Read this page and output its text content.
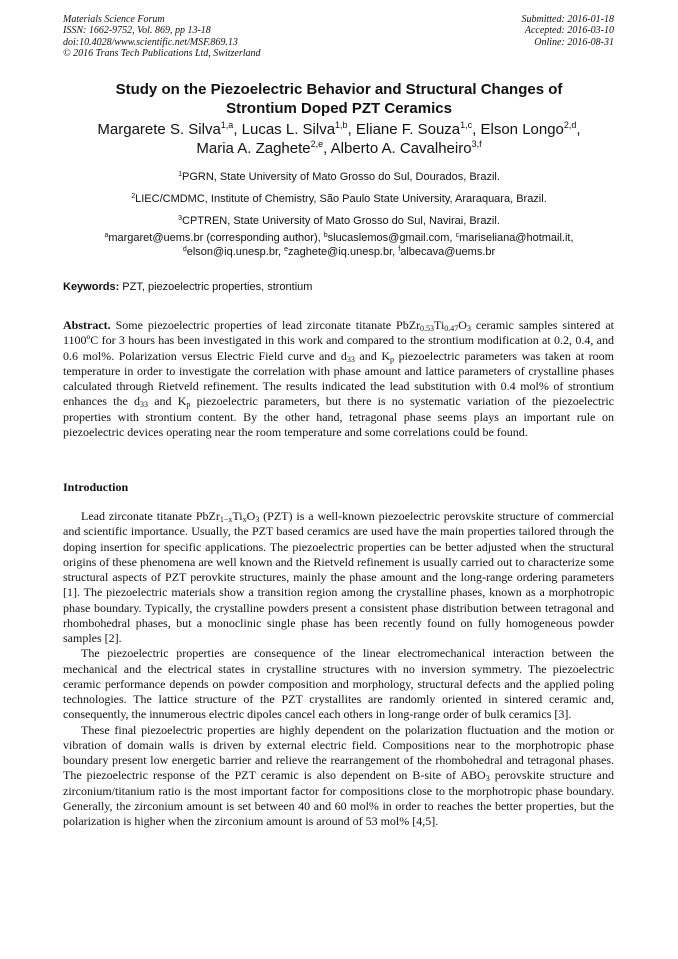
Materials Science Forum
ISSN: 1662-9752, Vol. 869, pp 13-18
doi:10.4028/www.scientific.net/MSF.869.13
© 2016 Trans Tech Publications Ltd, Switzerland
Submitted: 2016-01-18
Accepted: 2016-03-10
Online: 2016-08-31
Study on the Piezoelectric Behavior and Structural Changes of
Strontium Doped PZT Ceramics
Margarete S. Silva$^{1,a}$, Lucas L. Silva$^{1,b}$, Eliane F. Souza$^{1,c}$, Elson Longo$^{2,d}$,
Maria A. Zaghete$^{2,e}$, Alberto A. Cavalheiro$^{3,f}$
$^1$PGRN, State University of Mato Grosso do Sul, Dourados, Brazil.
$^2$LIEC/CMDMC, Institute of Chemistry, São Paulo State University, Araraquara, Brazil.
$^3$CPTREN, State University of Mato Grosso do Sul, Navirai, Brazil.
$^a$margaret@uems.br (corresponding author), $^b$slucaslemos@gmail.com, $^c$mariseliana@hotmail.it,
$^d$elson@iq.unesp.br, $^e$zaghete@iq.unesp.br, $^f$albecava@uems.br
Keywords: PZT, piezoelectric properties, strontium
Abstract. Some piezoelectric properties of lead zirconate titanate $PbZr_{0.53}Ti_{0.47}O_3$ ceramic samples sintered at 1100ºC for 3 hours has been investigated in this work and compared to the strontium modification at 0.2, 0.4, and 0.6 mol%. Polarization versus Electric Field curve and $d_{33}$ and $K_p$ piezoelectric parameters was taken at room temperature in order to investigate the correlation with phase amount and lattice parameters of crystalline phases calculated through Rietveld refinement. The results indicated the lead substitution with 0.4 mol% of strontium enhances the $d_{33}$ and $K_p$ piezoelectric parameters, but there is no systematic variation of the piezoelectric properties with strontium content. By the other hand, tetragonal phase seems plays an important rule on piezoelectric devices operating near the room temperature and some correlations could be found.
Introduction

Lead zirconate titanate $PbZr_{1-x}Ti_xO_3$ (PZT) is a well-known piezoelectric perovskite structure of commercial and scientific importance. Usually, the PZT based ceramics are used have the main properties tailored through the doping insertion for specific applications. The piezoelectric properties can be better adjusted when the structural origins of these phenomena are well known and the Rietveld refinement is usually carried out to characterize some structural aspects of PZT perovkite structures, mainly the phase amount and the long-range ordering parameters [1]. The piezoelectric materials show a transition region among the crystalline phases, known as a morphotropic phase boundary. Typically, the crystalline powders present a consistent phase distribution between tetragonal and rhombohedral phases, but a monoclinic single phase has been recently found on fully homogeneous powder samples [2].

The piezoelectric properties are consequence of the linear electromechanical interaction between the mechanical and the electrical states in crystalline structures with no inversion symmetry. The piezoelectric ceramic performance depends on powder composition and morphology, structural defects and the applied poling technologies. The lattice structure of the PZT crystallites are randomly oriented in sintered ceramic and, consequently, the innumerous electric dipoles cancel each others in long-range order of bulk ceramics [3].

These final piezoelectric properties are highly dependent on the polarization fluctuation and the motion or vibration of domain walls is driven by external electric field. Compositions near to the morphotropic phase boundary present low energetic barrier and relieve the rearrangement of the rhombohedral and tetragonal phases. The piezoelectric response of the PZT ceramic is also dependent on B-site of $ABO_3$ perovskite structure and zirconium/titanium ratio is the most important factor for compositions close to the morphotropic phase boundary. Generally, the zirconium amount is set between 40 and 60 mol% in order to reaches the better properties, but the polarization is higher when the zirconium amount is around of 53 mol% [4,5].
